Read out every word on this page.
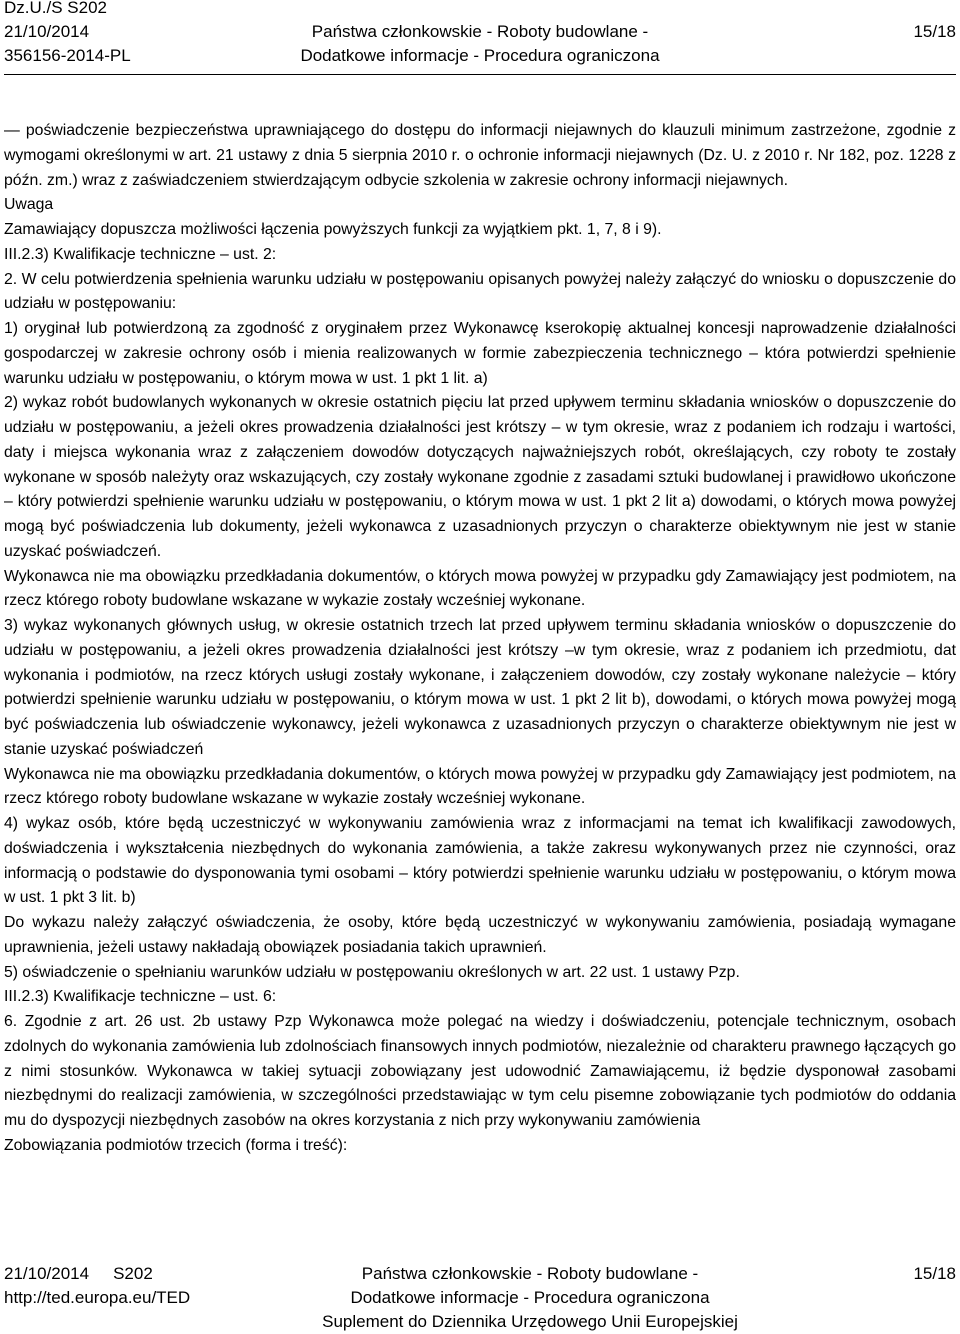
Dz.U./S S202
21/10/2014
356156-2014-PL
Państwa członkowskie - Roboty budowlane -
Dodatkowe informacje - Procedura ograniczona
15/18

— poświadczenie bezpieczeństwa uprawniającego do dostępu do informacji niejawnych do klauzuli minimum zastrzeżone, zgodnie z wymogami określonymi w art. 21 ustawy z dnia 5 sierpnia 2010 r. o ochronie informacji niejawnych (Dz. U. z 2010 r. Nr 182, poz. 1228 z późn. zm.) wraz z zaświadczeniem stwierdzającym odbycie szkolenia w zakresie ochrony informacji niejawnych.

Uwaga

Zamawiający dopuszcza możliwości łączenia powyższych funkcji za wyjątkiem pkt. 1, 7, 8 i 9).

III.2.3) Kwalifikacje techniczne – ust. 2:

2. W celu potwierdzenia spełnienia warunku udziału w postępowaniu opisanych powyżej należy załączyć do wniosku o dopuszczenie do udziału w postępowaniu:

1) oryginał lub potwierdzoną za zgodność z oryginałem przez Wykonawcę kserokopię aktualnej koncesji naprowadzenie działalności gospodarczej w zakresie ochrony osób i mienia realizowanych w formie zabezpieczenia technicznego – która potwierdzi spełnienie warunku udziału w postępowaniu, o którym mowa w ust. 1 pkt 1 lit. a)

2) wykaz robót budowlanych wykonanych w okresie ostatnich pięciu lat przed upływem terminu składania wniosków o dopuszczenie do udziału w postępowaniu, a jeżeli okres prowadzenia działalności jest krótszy – w tym okresie, wraz z podaniem ich rodzaju i wartości, daty i miejsca wykonania wraz z załączeniem dowodów dotyczących najważniejszych robót, określających, czy roboty te zostały wykonane w sposób należyty oraz wskazujących, czy zostały wykonane zgodnie z zasadami sztuki budowlanej i prawidłowo ukończone – który potwierdzi spełnienie warunku udziału w postępowaniu, o którym mowa w ust. 1 pkt 2 lit a) dowodami, o których mowa powyżej mogą być poświadczenia lub dokumenty, jeżeli wykonawca z uzasadnionych przyczyn o charakterze obiektywnym nie jest w stanie uzyskać poświadczeń.

Wykonawca nie ma obowiązku przedkładania dokumentów, o których mowa powyżej w przypadku gdy Zamawiający jest podmiotem, na rzecz którego roboty budowlane wskazane w wykazie zostały wcześniej wykonane.

3) wykaz wykonanych głównych usług, w okresie ostatnich trzech lat przed upływem terminu składania wniosków o dopuszczenie do udziału w postępowaniu, a jeżeli okres prowadzenia działalności jest krótszy –w tym okresie, wraz z podaniem ich przedmiotu, dat wykonania i podmiotów, na rzecz których usługi zostały wykonane, i załączeniem dowodów, czy zostały wykonane należycie – który potwierdzi spełnienie warunku udziału w postępowaniu, o którym mowa w ust. 1 pkt 2 lit b), dowodami, o których mowa powyżej mogą być poświadczenia lub oświadczenie wykonawcy, jeżeli wykonawca z uzasadnionych przyczyn o charakterze obiektywnym nie jest w stanie uzyskać poświadczeń

Wykonawca nie ma obowiązku przedkładania dokumentów, o których mowa powyżej w przypadku gdy Zamawiający jest podmiotem, na rzecz którego roboty budowlane wskazane w wykazie zostały wcześniej wykonane.

4) wykaz osób, które będą uczestniczyć w wykonywaniu zamówienia wraz z informacjami na temat ich kwalifikacji zawodowych, doświadczenia i wykształcenia niezbędnych do wykonania zamówienia, a także zakresu wykonywanych przez nie czynności, oraz informacją o podstawie do dysponowania tymi osobami – który potwierdzi spełnienie warunku udziału w postępowaniu, o którym mowa w ust. 1 pkt 3 lit. b)

Do wykazu należy załączyć oświadczenia, że osoby, które będą uczestniczyć w wykonywaniu zamówienia, posiadają wymagane uprawnienia, jeżeli ustawy nakładają obowiązek posiadania takich uprawnień.

5) oświadczenie o spełnianiu warunków udziału w postępowaniu określonych w art. 22 ust. 1 ustawy Pzp.

III.2.3) Kwalifikacje techniczne – ust. 6:

6. Zgodnie z art. 26 ust. 2b ustawy Pzp Wykonawca może polegać na wiedzy i doświadczeniu, potencjale technicznym, osobach zdolnych do wykonania zamówienia lub zdolnościach finansowych innych podmiotów, niezależnie od charakteru prawnego łączących go z nimi stosunków. Wykonawca w takiej sytuacji zobowiązany jest udowodnić Zamawiającemu, iż będzie dysponował zasobami niezbędnymi do realizacji zamówienia, w szczególności przedstawiając w tym celu pisemne zobowiązanie tych podmiotów do oddania mu do dyspozycji niezbędnych zasobów na okres korzystania z nich przy wykonywaniu zamówienia

Zobowiązania podmiotów trzecich (forma i treść):

21/10/2014 S202
http://ted.europa.eu/TED
Państwa członkowskie - Roboty budowlane -
Dodatkowe informacje - Procedura ograniczona
Suplement do Dziennika Urzędowego Unii Europejskiej
15/18
